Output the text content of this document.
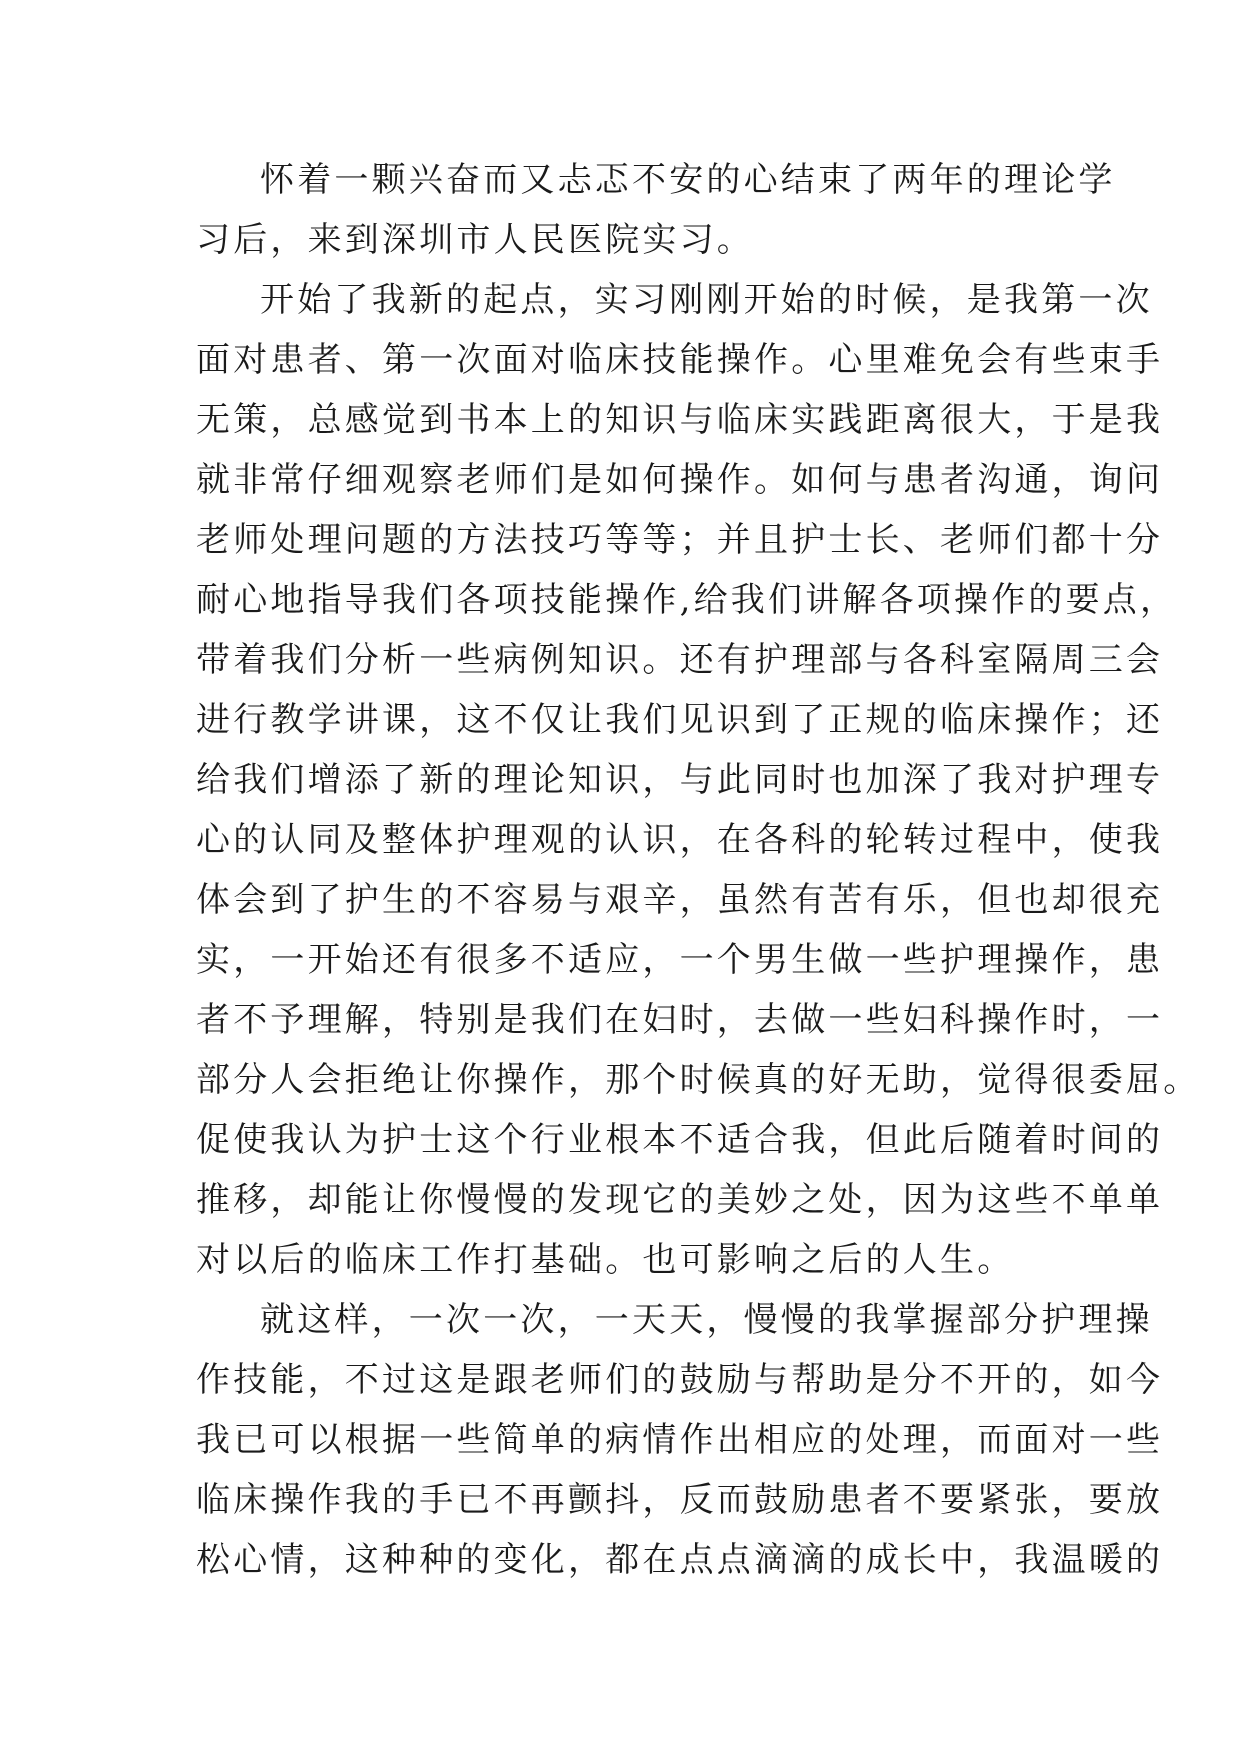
怀着一颗兴奋而又忐忑不安的心结束了两年的理论学
习后，来到深圳市人民医院实习。
开始了我新的起点，实习刚刚开始的时候，是我第一次
面对患者、第一次面对临床技能操作。心里难免会有些束手
无策，总感觉到书本上的知识与临床实践距离很大，于是我
就非常仔细观察老师们是如何操作。如何与患者沟通，询问
老师处理问题的方法技巧等等；并且护士长、老师们都十分
耐心地指导我们各项技能操作,给我们讲解各项操作的要点，
带着我们分析一些病例知识。还有护理部与各科室隔周三会
进行教学讲课，这不仅让我们见识到了正规的临床操作；还
给我们增添了新的理论知识，与此同时也加深了我对护理专
心的认同及整体护理观的认识，在各科的轮转过程中，使我
体会到了护生的不容易与艰辛，虽然有苦有乐，但也却很充
实，一开始还有很多不适应，一个男生做一些护理操作，患
者不予理解，特别是我们在妇时，去做一些妇科操作时，一
部分人会拒绝让你操作，那个时候真的好无助，觉得很委屈。
促使我认为护士这个行业根本不适合我，但此后随着时间的
推移，却能让你慢慢的发现它的美妙之处，因为这些不单单
对以后的临床工作打基础。也可影响之后的人生。
就这样，一次一次，一天天，慢慢的我掌握部分护理操
作技能，不过这是跟老师们的鼓励与帮助是分不开的，如今
我已可以根据一些简单的病情作出相应的处理，而面对一些
临床操作我的手已不再颤抖，反而鼓励患者不要紧张，要放
松心情，这种种的变化，都在点点滴滴的成长中，我温暖的
